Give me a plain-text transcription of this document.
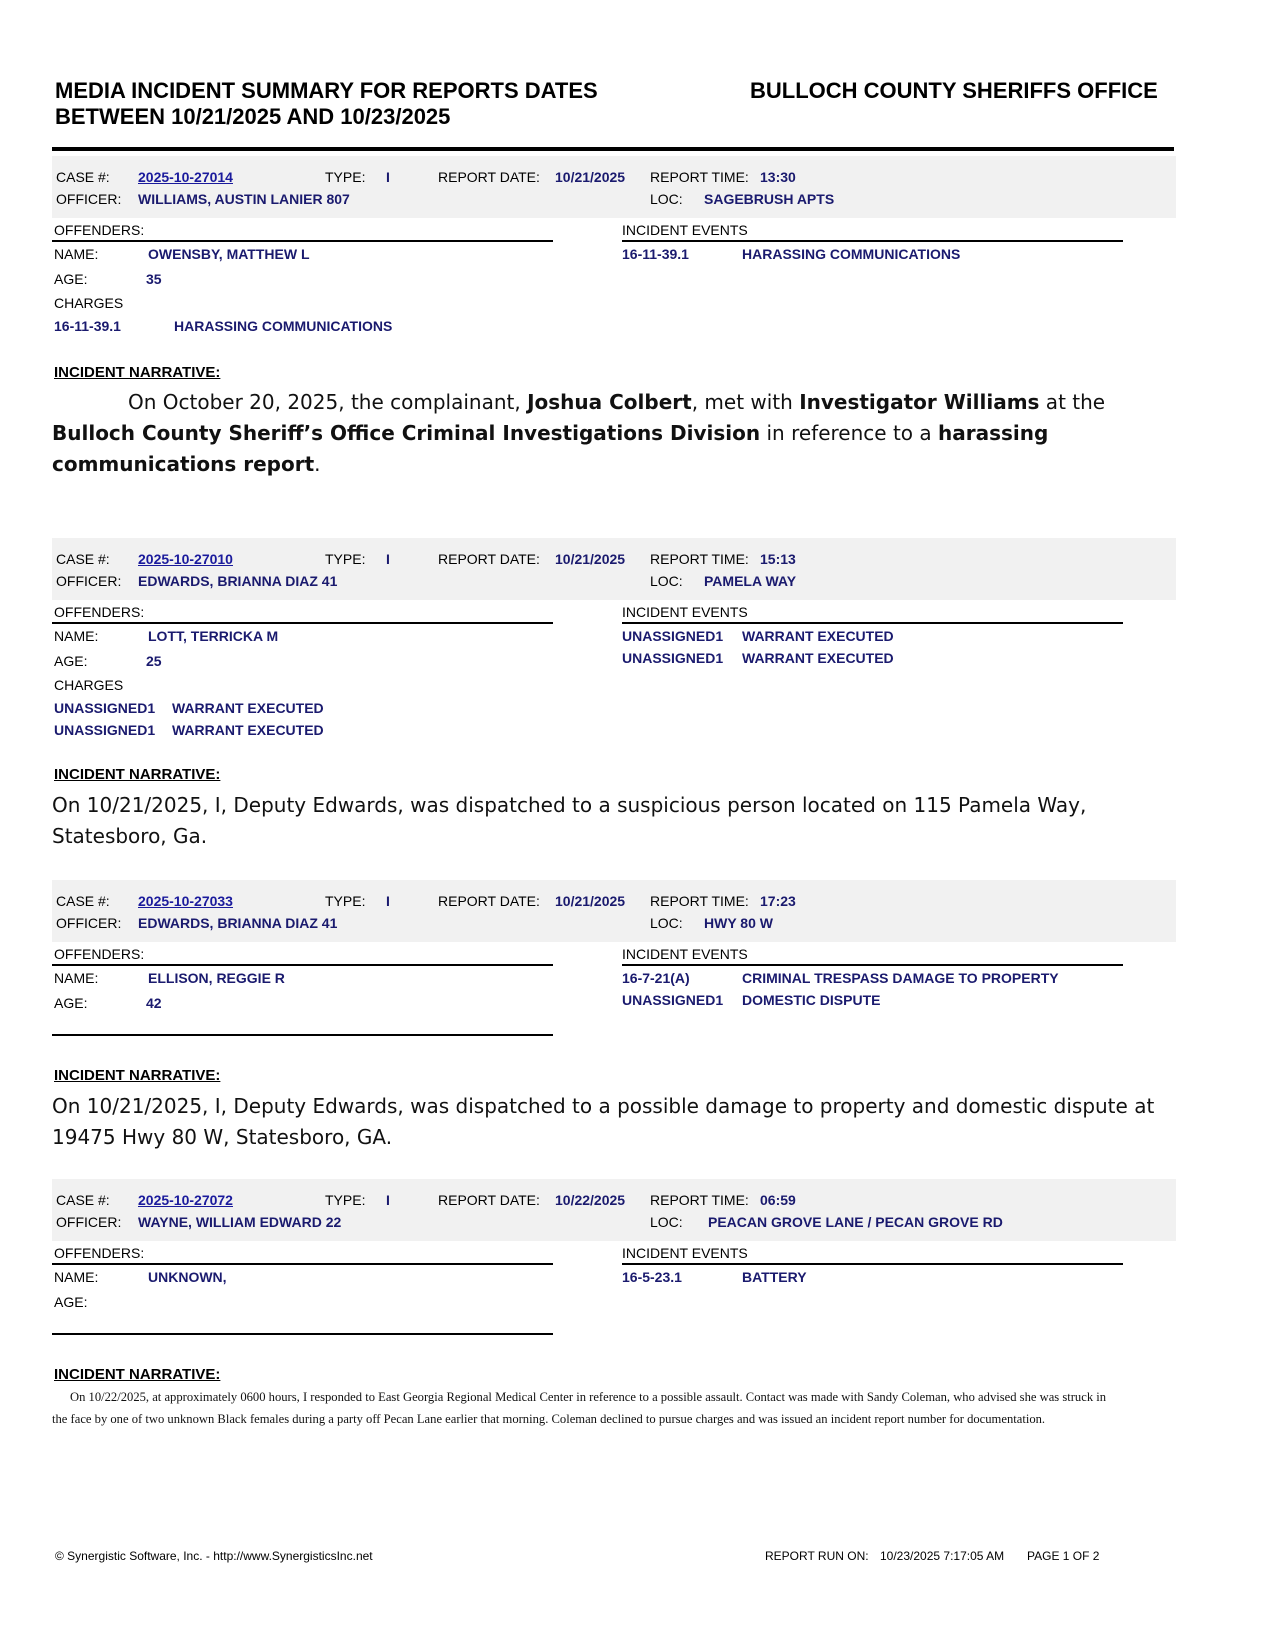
MEDIA INCIDENT SUMMARY FOR REPORTS DATES
BETWEEN 10/21/2025 AND 10/23/2025
BULLOCH COUNTY SHERIFFS OFFICE
CASE #: 2025-10-27014	TYPE: I	REPORT DATE: 10/21/2025 REPORT TIME: 13:30
OFFICER: WILLIAMS, AUSTIN LANIER 807	LOC: SAGEBRUSH APTS
OFFENDERS:	INCIDENT EVENTS
NAME:	OWENSBY, MATTHEW L
AGE:	35
CHARGES
16-11-39.1	HARASSING COMMUNICATIONS
16-11-39.1	HARASSING COMMUNICATIONS
INCIDENT NARRATIVE:
On October 20, 2025, the complainant, Joshua Colbert, met with Investigator Williams at the Bulloch County Sheriff’s Office Criminal Investigations Division in reference to a harassing communications report.
CASE #: 2025-10-27010	TYPE: I	REPORT DATE: 10/21/2025 REPORT TIME: 15:13
OFFICER: EDWARDS, BRIANNA DIAZ 41	LOC: PAMELA WAY
OFFENDERS:	INCIDENT EVENTS
NAME:	LOTT, TERRICKA M
AGE:	25
CHARGES
UNASSIGNED1 WARRANT EXECUTED
UNASSIGNED1 WARRANT EXECUTED
UNASSIGNED1 WARRANT EXECUTED
UNASSIGNED1 WARRANT EXECUTED
INCIDENT NARRATIVE:
On 10/21/2025, I, Deputy Edwards, was dispatched to a suspicious person located on 115 Pamela Way, Statesboro, Ga.
CASE #: 2025-10-27033	TYPE: I	REPORT DATE: 10/21/2025 REPORT TIME: 17:23
OFFICER: EDWARDS, BRIANNA DIAZ 41	LOC: HWY 80 W
OFFENDERS:	INCIDENT EVENTS
NAME:	ELLISON, REGGIE R
AGE:	42
16-7-21(A)	CRIMINAL TRESPASS DAMAGE TO PROPERTY
UNASSIGNED1 DOMESTIC DISPUTE
INCIDENT NARRATIVE:
On 10/21/2025, I, Deputy Edwards, was dispatched to a possible damage to property and domestic dispute at 19475 Hwy 80 W, Statesboro, GA.
CASE #: 2025-10-27072	TYPE: I	REPORT DATE: 10/22/2025 REPORT TIME: 06:59
OFFICER: WAYNE, WILLIAM EDWARD 22	LOC: PEACAN GROVE LANE / PECAN GROVE RD
OFFENDERS:	INCIDENT EVENTS
NAME:	UNKNOWN,
AGE:
16-5-23.1	BATTERY
INCIDENT NARRATIVE:
On 10/22/2025, at approximately 0600 hours, I responded to East Georgia Regional Medical Center in reference to a possible assault. Contact was made with Sandy Coleman, who advised she was struck in the face by one of two unknown Black females during a party off Pecan Lane earlier that morning. Coleman declined to pursue charges and was issued an incident report number for documentation.
© Synergistic Software, Inc. - http://www.SynergisticsInc.net	REPORT RUN ON: 10/23/2025 7:17:05 AM PAGE 1 OF 2
